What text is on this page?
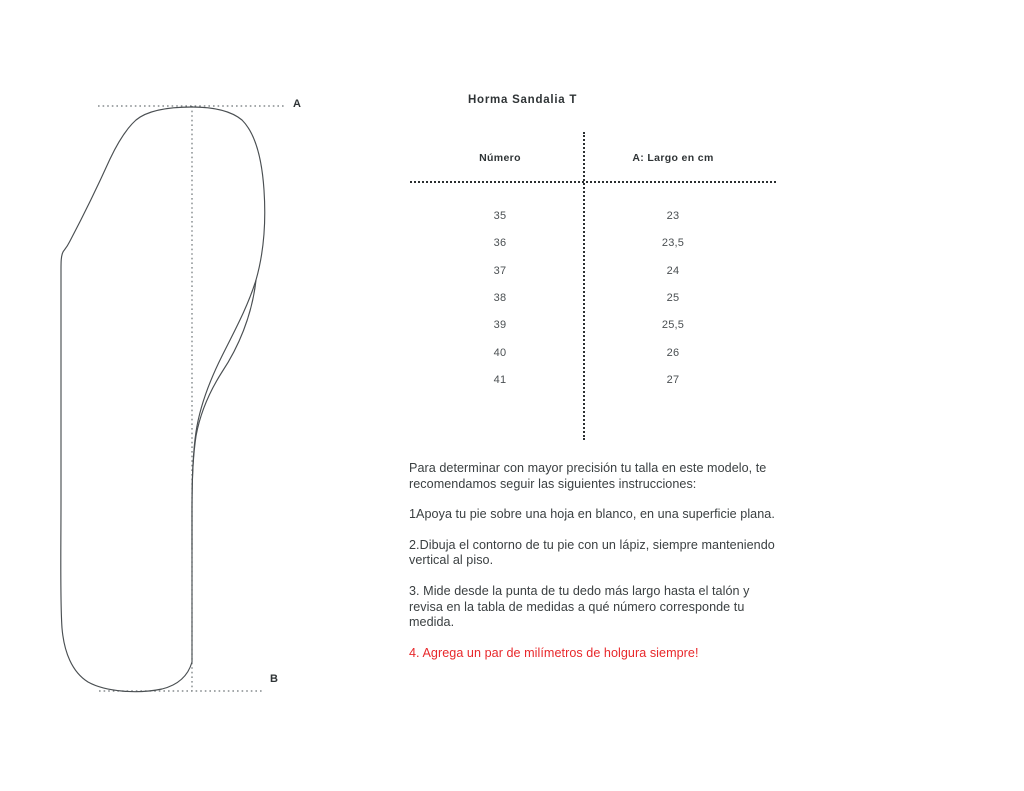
A
B
Horma Sandalia T
Número	A: Largo en cm
35	23
36	23,5
37	24
38	25
39	25,5
40	26
41	27

Para determinar con mayor precisión tu talla en este modelo, te recomendamos seguir las siguientes instrucciones:

1Apoya tu pie sobre una hoja en blanco, en una superficie plana.

2.Dibuja el contorno de tu pie con un lápiz, siempre manteniendo vertical al piso.

3. Mide desde la punta de tu dedo más largo hasta el talón y revisa en la tabla de medidas a qué número corresponde tu medida.

4. Agrega un par de milímetros de holgura siempre!
